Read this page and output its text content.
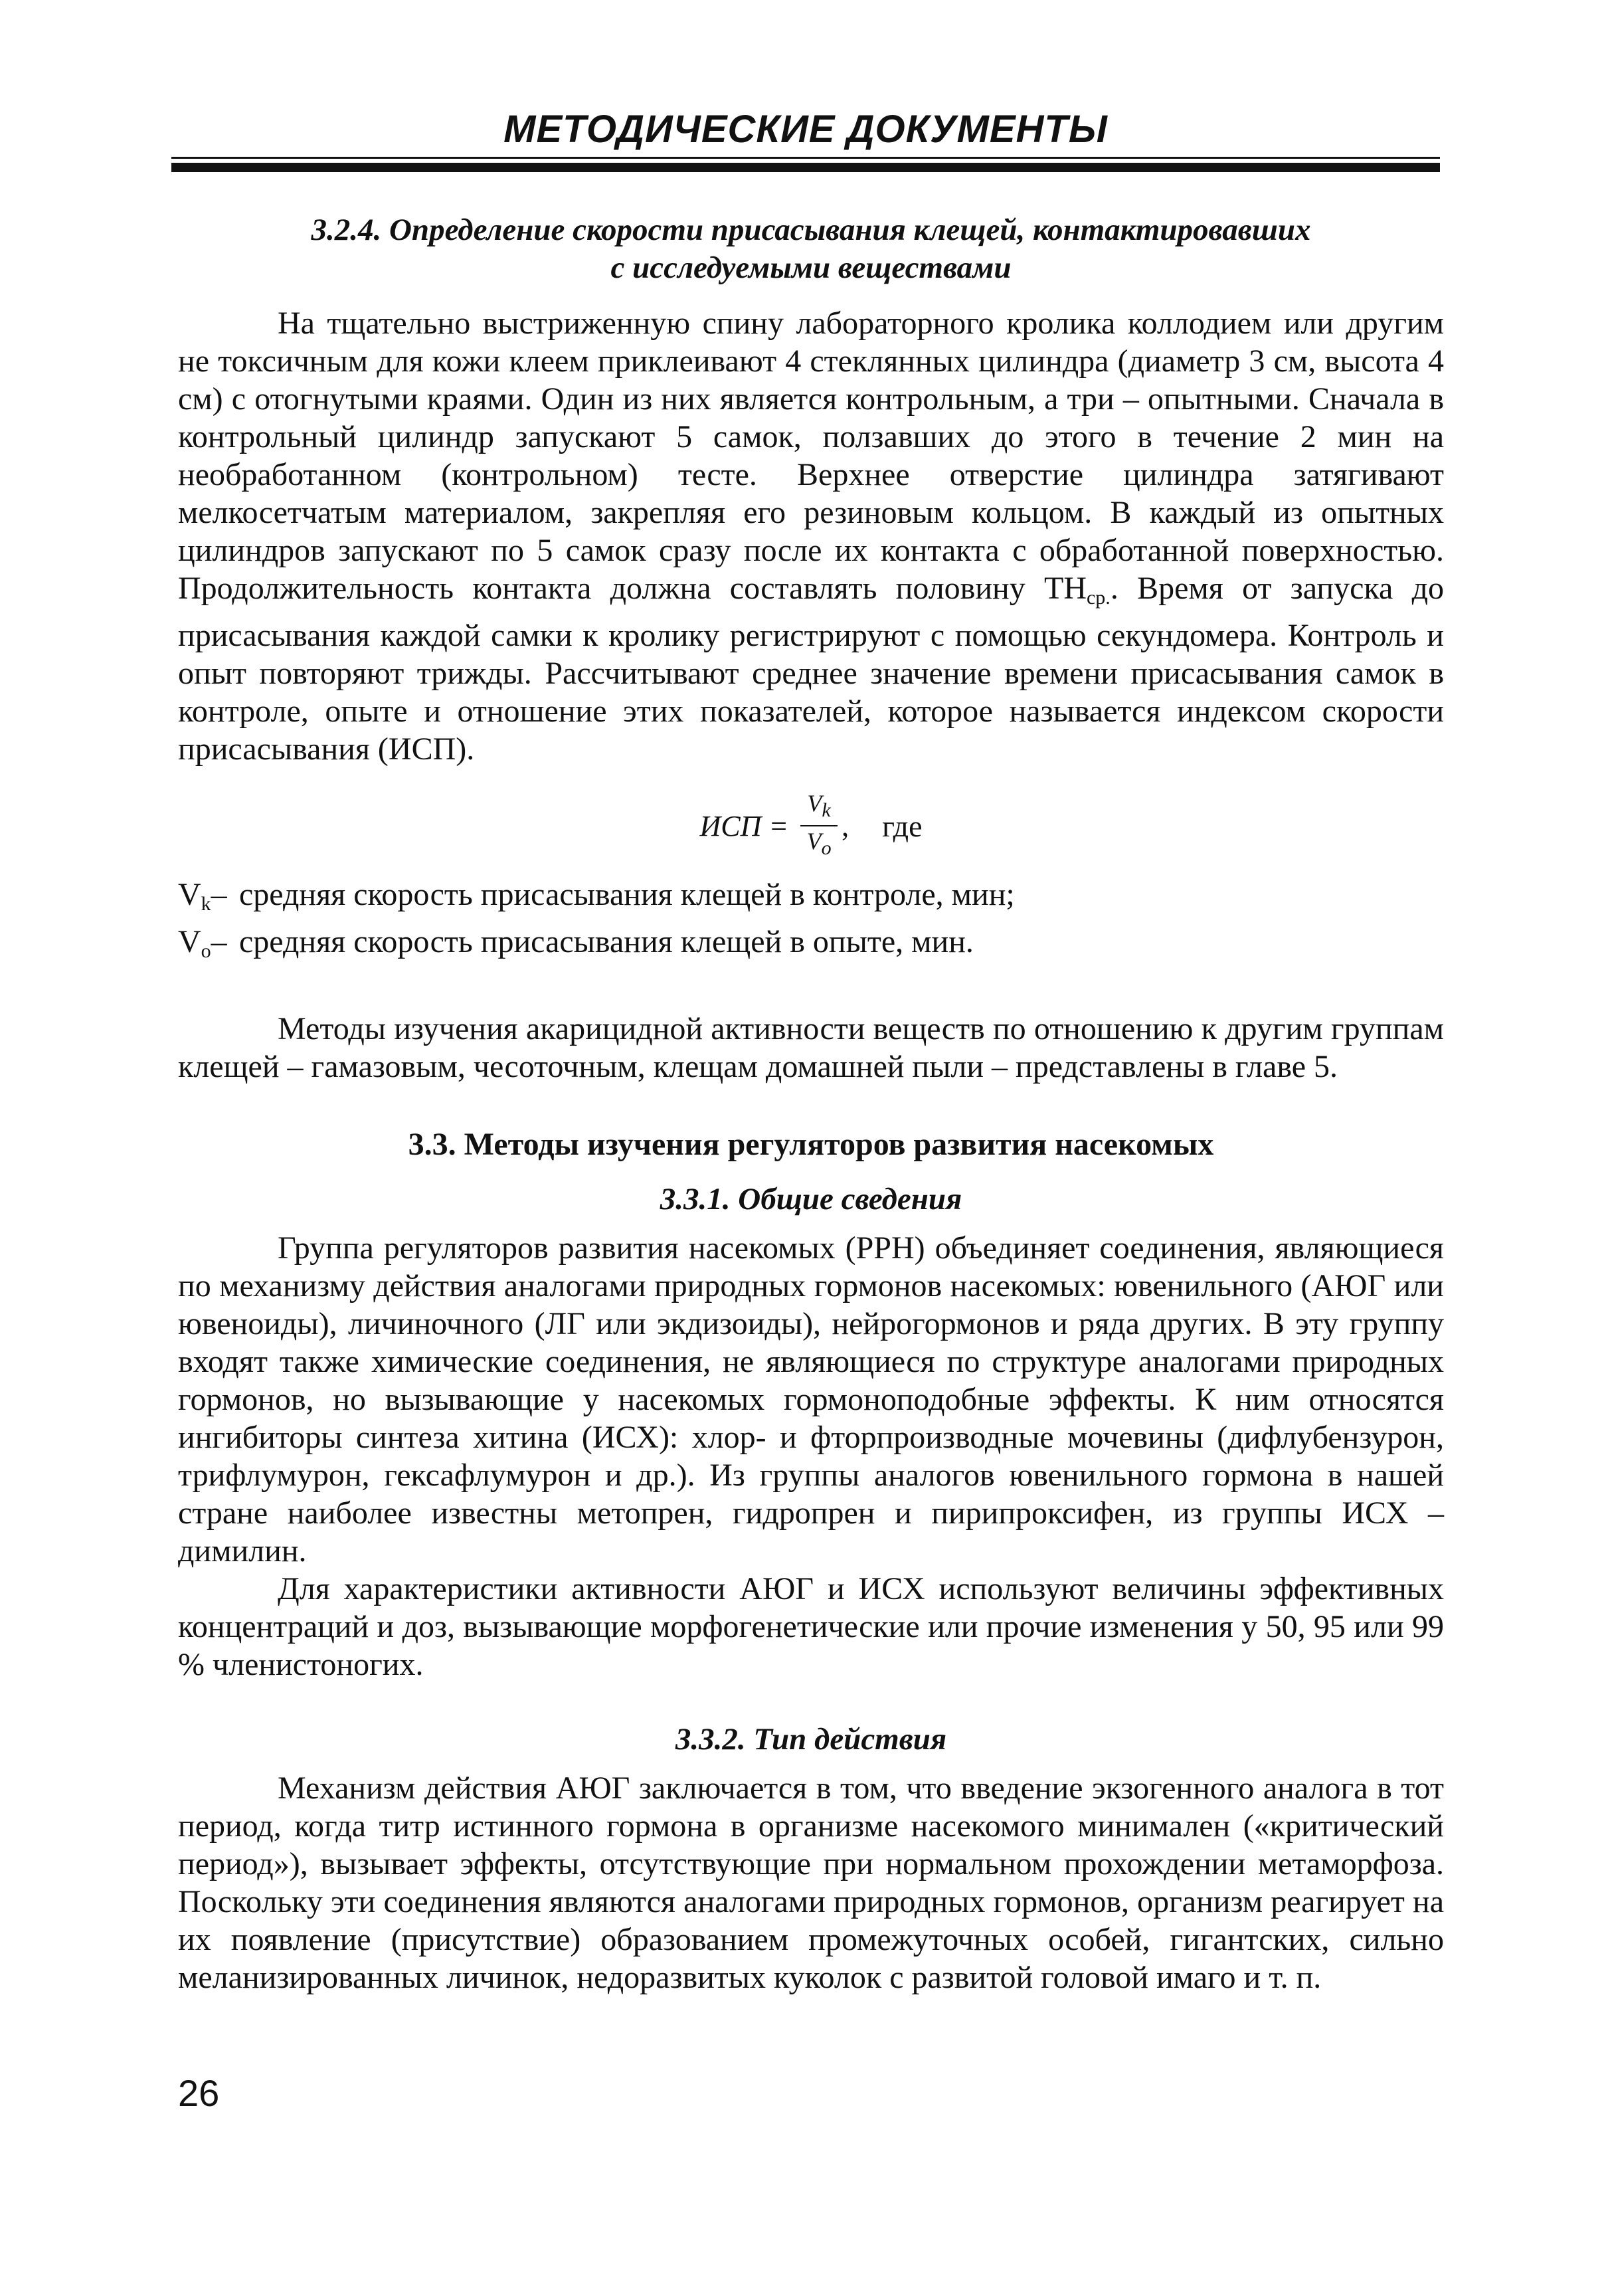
МЕТОДИЧЕСКИЕ ДОКУМЕНТЫ
3.2.4. Определение скорости присасывания клещей, контактировавших
с исследуемыми веществами

На тщательно выстриженную спину лабораторного кролика коллодием или другим не токсичным для кожи клеем приклеивают 4 стеклянных цилиндра (диаметр 3 см, высота 4 см) с отогнутыми краями. Один из них является контрольным, а три – опытными. Сначала в контрольный цилиндр запускают 5 самок, ползавших до этого в течение 2 мин на необработанном (контрольном) тесте. Верхнее отверстие цилиндра затягивают мелкосетчатым материалом, закрепляя его резиновым кольцом. В каждый из опытных цилиндров запускают по 5 самок сразу после их контакта с обработанной поверхностью. Продолжительность контакта должна составлять половину $ТН_{ср.}$. Время от запуска до присасывания каждой самки к кролику регистрируют с помощью секундомера. Контроль и опыт повторяют трижды. Рассчитывают среднее значение времени присасывания самок в контроле, опыте и отношение этих показателей, которое называется индексом скорости присасывания (ИСП).

ИСП = $\frac{V_k}{V_o}$ , где
$V_k-$ средняя скорость присасывания клещей в контроле, мин;
$V_o-$ средняя скорость присасывания клещей в опыте, мин.

Методы изучения акарицидной активности веществ по отношению к другим группам клещей – гамазовым, чесоточным, клещам домашней пыли – представлены в главе 5.

3.3. Методы изучения регуляторов развития насекомых
3.3.1. Общие сведения

Группа регуляторов развития насекомых (РРН) объединяет соединения, являющиеся по механизму действия аналогами природных гормонов насекомых: ювенильного (АЮГ или ювеноиды), личиночного (ЛГ или экдизоиды), нейрогормонов и ряда других. В эту группу входят также химические соединения, не являющиеся по структуре аналогами природных гормонов, но вызывающие у насекомых гормоноподобные эффекты. К ним относятся ингибиторы синтеза хитина (ИСХ): хлор- и фторпроизводные мочевины (дифлубензурон, трифлумурон, гексафлумурон и др.). Из группы аналогов ювенильного гормона в нашей стране наиболее известны метопрен, гидропрен и пирипроксифен, из группы ИСХ – димилин.

Для характеристики активности АЮГ и ИСХ используют величины эффективных концентраций и доз, вызывающие морфогенетические или прочие изменения у 50, 95 или 99 % членистоногих.

3.3.2. Тип действия

Механизм действия АЮГ заключается в том, что введение экзогенного аналога в тот период, когда титр истинного гормона в организме насекомого минимален («критический период»), вызывает эффекты, отсутствующие при нормальном прохождении метаморфоза. Поскольку эти соединения являются аналогами природных гормонов, организм реагирует на их появление (присутствие) образованием промежуточных особей, гигантских, сильно меланизированных личинок, недоразвитых куколок с развитой головой имаго и т. п.

26
